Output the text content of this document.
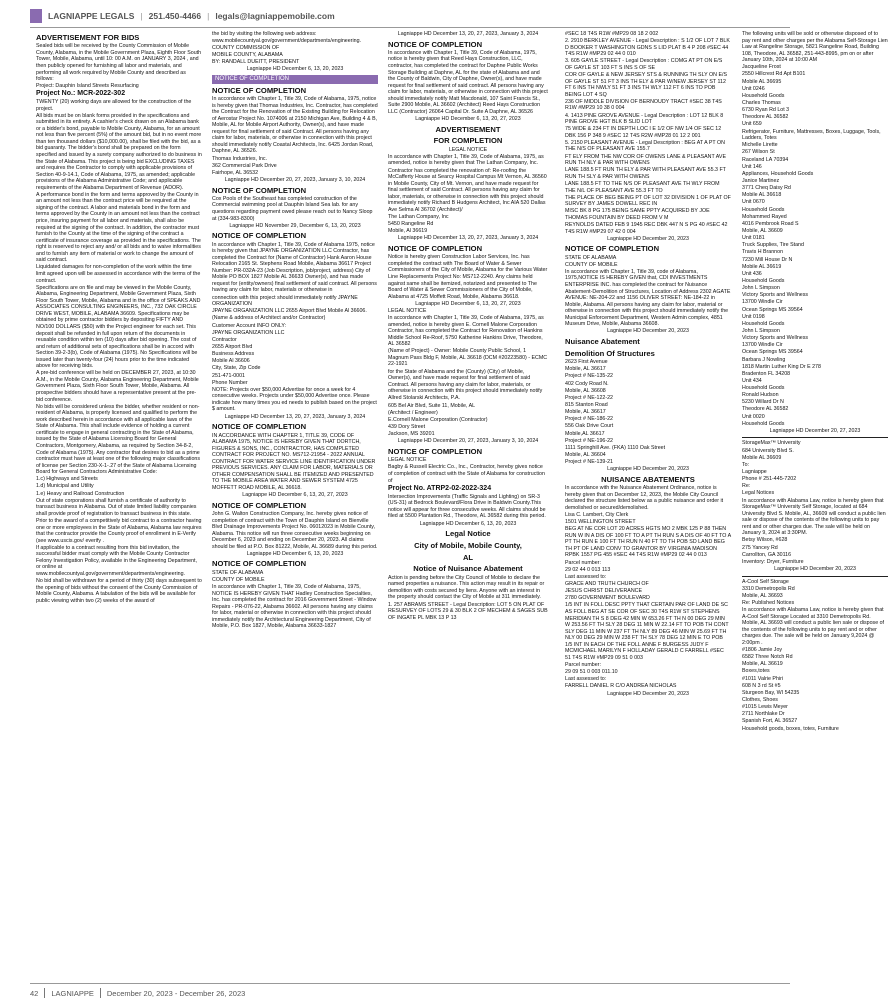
LAGNIAPPE LEGALS | 251.450-4466 | legals@lagniappemobile.com

ADVERTISEMENT FOR BIDS

Sealed bids will be received by the County Commission of Mobile County, Alabama, in the Mobile Government Plaza, Eighth Floor South Tower, Mobile, Alabama, until 10: 00 A.M. on JANUARY 3, 2024 , and then publicly opened for furnishing all labor and materials, and performing all work required by Mobile County and described as follows:

Project: Dauphin Island Streets Resurfacing

Project No.: MCR-2022-302

TWENTY (20) working days are allowed for the construction of the project.

All bids must be on blank forms provided in the specifications and submitted in its entirety. A cashier's check drawn on an Alabama bank or a bidder's bond, payable to Mobile County, Alabama, for an amount not less than five percent (5%) of the amount bid, but in no event more than ten thousand dollars ($10,000.00), shall be filed with the bid, as a bid guaranty. The bidder's bond shall be prepared on the form specified and issued by a surety company authorized to do business in the State of Alabama. This project is being bid EXCLUDING TAXES and requires the Contractor to comply with applicable provisions of Section 40-9-14.1, Code of Alabama, 1975, as amended; applicable provisions of the Alabama Administrative Code; and applicable requirements of the Alabama Department of Revenue (ADOR).

A performance bond in the form and terms approved by the County in an amount not less than the contract price will be required at the signing of the contract. A labor and materials bond in the form and terms approved by the County in an amount not less than the contract price, insuring payment for all labor and materials, shall also be required at the signing of the contract. In addition, the contractor must furnish to the County at the time of the signing of the contract a certificate of insurance coverage as provided in the specifications. The right is reserved to reject any and/ or all bids and to waive informalities and to furnish any item of material or work to change the amount of said contract.

Liquidated damages for non-completion of the work within the time limit agreed upon will be assessed in accordance with the terms of the contract.

Specifications are on file and may be viewed in the Mobile County, Alabama, Engineering Department, Mobile Government Plaza, Sixth Floor South Tower, Mobile, Alabama and in the office of SPEAKS AND ASSOCIATES CONSULTING ENGINEERS, INC., 732 OAK CIRCLE DRIVE WEST, MOBILE, ALABAMA 36609. Specifications may be obtained by prime contractor bidders by depositing FIFTY AND NO/100 DOLLARS ($50) with the Project engineer for each set. This deposit shall be refunded in full upon return of the documents in reusable condition within ten (10) days after bid opening. The cost of and return of additional sets of specifications shall be in accord with Section 39-2-3(b), Code of Alabama (1975). No Specifications will be issued later than twenty-four (24) hours prior to the time indicated above for receiving bids.

A pre-bid conference will be held on DECEMBER 27, 2023, at 10:30 A.M., in the Mobile County, Alabama Engineering Department, Mobile Government Plaza, Sixth Floor South Tower, Mobile, Alabama. All prospective bidders should have a representative present at the pre-bid conference.

No bids will be considered unless the bidder, whether resident or non-resident of Alabama, is properly licensed and qualified to perform the work described herein in accordance with all applicable laws of the State of Alabama. This shall include evidence of holding a current certificate to engage in general contracting in the State of Alabama, issued by the State of Alabama Licensing Board for General Contractors, Montgomery, Alabama, as required by Section 34-8-2, Code of Alabama (1975). Any contractor that desires to bid as a prime contractor must have at least one of the following major classifications of license per Section 230-X-1-.27 of the State of Alabama Licensing Board for General Contractors Administrative Code:

1.c) Highways and Streets

1.d) Municipal and Utility

1.e) Heavy and Railroad Construction

Out of state corporations shall furnish a certificate of authority to transact business in Alabama. Out of state limited liability companies shall provide proof of registration to transact business in this state.

Prior to the award of a competitively bid contract to a contractor having one or more employees in the State of Alabama, Alabama law requires that the contractor provide the County proof of enrollment in E-Verify (see www.uscis.gov/ everify .

If applicable to a contract resulting from this bid invitation, the successful bidder must comply with the Mobile County Contractor Felony Investigation Policy, available in the Engineering Department, or online at www.mobilecountyal.gov/government/departments/engineering.

No bid shall be withdrawn for a period of thirty (30) days subsequent to the opening of bids without the consent of the County Commission of Mobile County, Alabama. A tabulation of the bids will be available for public viewing within two (2) weeks of the award of

the bid by visiting the following web address: www.mobilecountyal.gov/government/departments/engineering.

COUNTY COMMISSION OF

MOBILE COUNTY, ALABAMA

BY: RANDALL DUEITT, PRESIDENT

Lagniappe HD December 6, 13, 20, 2023

NOTICE OF COMPLETION

NOTICE OF COMPLETION

In accordance with Chapter 1, Title 39, Code of Alabama, 1975, notice is hereby given that Thomas Industries, Inc. Contractor, has completed the Contract for the Renovation of the Existing Building for Relocation of Aerostar Project No. 1074006 at 2150 Michigan Ave, Building 4 & B, Mobile, AL for Mobile Airport Authority, Owner(s), and have made request for final settlement of said Contract. All persons having any claim for labor, materials, or otherwise in connection with this project should immediately notify Coastal Architects, Inc. 6425 Jordan Road, Daphne, AL 36526.

Thomas Industries, Inc.

362 Commercial Park Drive

Fairhope, AL 36532

Lagniappe HD December 20, 27, 2023, January 3, 10, 2024

NOTICE OF COMPLETION

Cox Pools of the Southeast has completed construction of the Commercial swimming pool at Dauphin Island Sea lab. for any questions regarding payment owed please reach out to Nancy Sloop at (334-983-8300)

Lagniappe HD November 29, December 6, 13, 20, 2023

NOTICE OF COMPLETION

In accordance with Chapter 1, Title 39, Code of Alabama 1975, notice is hereby given that JPAYNE ORGANIZATION LLC Contractor, has completed the Contract for (Name of Contractor) Hank Aaron House Relocation 2165 St. Stephens Road Mobile, Alabama 36617 Project Number: PR-032A-23 (Job Description, job/project, address) City of Mobile PO BOX 1827 Mobile AL 36633 Owner(s), and has made request for (entity/owners) final settlement of said contract. All persons having any claim for labor, materials or otherwise in

connection with this project should immediately notify JPAYNE ORGANIZATION

JPAYNE ORGANIZATION LLC 2655 Airport Blvd Mobile Al 36606.

(Name & address of Architect and/or Contractor)

Customer Account INFO ONLY:

JPAYNE ORGANIZATION LLC

Contractor

2655 Airport Blvd

Business Address

Mobile Al 36606

City, State, Zip Code

251-471-0001

Phone Number

NOTE: Projects over $50,000 Advertise for once a week for 4 consecutive weeks. Projects under $50,000 Advertise once. Please indicate how many times you ed needs to publish based on the project $ amount.

Lagniappe HD December 13, 20, 27, 2023, January 3, 2024

NOTICE OF COMPLETION

IN ACCORDANCE WITH CHAPTER 1, TITLE 39, CODE OF ALABAMA 1975, NOTICE IS HEREBY GIVEN THAT DORTCH, FIGURES & SONS, INC., CONTRACTOR, HAS COMPLETED CONTRACT FOR PROJECT NO. MS712-21954 - 2022 ANNUAL CONTRACT FOR WATER SERVICE LINE IDENTIFICATION UNDER PREVIOUS SERVICES. ANY CLAIM FOR LABOR, MATERIALS OR OTHER COMPENSATION SHALL BE ITEMIZED AND PRESENTED TO THE MOBILE AREA WATER AND SEWER SYSTEM 4725 MOFFETT ROAD MOBILE, AL 36618.

Lagniappe HD December 6, 13, 20, 27, 2023

NOTICE OF COMPLETION

John G. Walton Construction Company, Inc. hereby gives notice of completion of contract with the Town of Dauphin Island on Bienville Blvd Drainage Improvements Project No. 06012023 in Mobile County, Alabama. This notice will run three consecutive weeks beginning on December 6, 2023 and ending on December 20, 2023. All claims should be filed at P.O. Box 81222, Mobile, AL 36689 during this period.

Lagniappe HD December 6, 13, 20, 2023

NOTICE OF COMPLETION

STATE OF ALABAMA

COUNTY OF MOBILE

In accordance with Chapter 1, Title 39, Code of Alabama, 1975, NOTICE IS HEREBY GIVEN THAT Hadley Construction Specialties, Inc. has completed the contract for 2016 Government Street - Window Repairs - PR-076-22, Alabama 36602. All persons having any claims for labor, material or otherwise in connection with this project should immediately notify the Architectural Engineering Department, City of Mobile, P.O. Box 1827, Mobile, Alabama 36633-1827

Lagniappe HD December 13, 20, 27, 2023, January 3, 2024

NOTICE OF COMPLETION

In accordance with Chapter 1, Title 39, Code of Alabama, 1975, notice is hereby given that Reed Hays Construction, LLC, contractor, has completed the contract for Daphne Public Works Storage Building at Daphne, AL for the state of Alabama and and the County of Baldwin, City of Daphne, Owner(s), and have made request for final settlement of said contract. All persons having any claim for labor, materials, or otherwise in connection with this project should immediately notify Matt Macdonald, 107 Saint Francis St., Suite 2900 Mobile, AL 36602 (Architect) Reed Hays Construction LLC (Contractor) 26064 Capital Dr. Suite A Daphne, AL 36526

Lagniappe HD December 6, 13, 20, 27, 2023

ADVERTISEMENT

FOR COMPLETION

LEGAL NOTICE

In accordance with Chapter 1, Title 39, Code of Alabama, 1975, as amended, notice is hereby given that The Lathan Company, Inc.

Contractor has completed the renovation of: Re-roofing the McCafferty House at Searcy Hospital Campus Mt Vernon, AL 36560 in Mobile County, City of Mt. Vernon, and have made request for final settlement of said Contract. All persons having any claim for labor, materials, or otherwise in connection with this project should immediately notify Richard B Hudgens Architect, Inc AIA 520 Dallas Ave Selma Al 36702 (Architect)/

The Lathan Company, Inc

5450 Rangeline Rd

Mobile, Al 36619

Lagniappe HD December 13, 20, 27, 2023, January 3, 2024

NOTICE OF COMPLETION

Notice is hereby given Construction Labor Services, Inc. has completed the contract with The Board of Water & Sewer Commissioners of the City of Mobile, Alabama for the Various Water Line Replacements Project No: MS712-2240. Any claims held against same shall be itemized, notarized and presented to The Board of Water & Sewer Commissioners of the City of Mobile, Alabama at 4725 Moffett Road, Mobile, Alabama 36618.

Lagniappe HD December 6, 13, 20, 27, 2023

LEGAL NOTICE

In accordance with Chapter 1, Title 39, Code of Alabama, 1975, as amended, notice is hereby given E. Cornell Malone Corporation Contractor, has completed the Contract for Renovation of Hankins Middle School Re-Roof, 5750 Katherine Hankins Drive, Theodore, AL 36582

(Name of Project) - Owner: Mobile County Public School, 1 Magnum Pass Bldg F, Mobile, AL 36618 (DCM #20223580) - ECMC 22-1921

for the State of Alabama and the (County) (City) of Mobile, Owner(s), and have made request for final settlement of said Contract. All persons having any claim for labor, materials, or otherwise in connection with this project should immediately notify

Allred Stolarski Architects, P.A.

605 Bel Air Blvd, Suite 11, Mobile, AL

(Architect / Engineer)

E.Cornell Malone Corporation (Contractor)

439 Dory Street

Jackson, MS 39201

Lagniappe HD December 20, 27, 2023, January 3, 10, 2024

NOTICE OF COMPLETION

LEGAL NOTICE

Bagby & Russell Electric Co., Inc., Contractor, hereby gives notice

of completion of contract with the State of Alabama for construction of

Project No. ATRP2-02-2022-324

Intersection Improvements (Traffic Signals and Lighting) on SR-3 (US-31) at Bedrock Boulevard/Flora Drive in Baldwin County.This notice will appear for three consecutive weeks. All claims should be filed at 5500 Plantation Rd., Theodore, AL 36582 during this period.

Lagniappe HD December 6, 13, 20, 2023

Legal Notice

City of Mobile, Mobile County,

AL

Notice of Nuisance Abatement

Action is pending before the City Council of Mobile to declare the named properties a nuisance. This action may result in its repair or demolition with costs secured by liens. Anyone with an interest in the property should contact the City of Mobile at 311 immediately.

1. 257 ABRAMS STREET - Legal Description: LOT 5 ON PLAT OF RESURVEY OF LOTS 29 & 30 BLK 2 OF MECHEM & SAGES SUB OF INGATE PL MBK 13 P 13

#SEC 18 T4S R1W #MP29 08 18 2 002

2. 2910 BERKLEY AVENUE - Legal Description : S 1/2 OF LOT 7 BLK D BOOKER T WASHINGTON GDNS S LID PLAT B 4 P 208 #SEC 44 T4S R1W #MP29 02 44 0 010

3. 605 GAYLE STREET - Legal Description : COMG AT PT ON E/S OF GAYLE ST 103 FT S INS S OF SE

COR OF GAYLE & NEW JERSEY STS & RUNNING TH SLY ON E/S OF GAYLE ST 51 FT 3 INS TH ELY & PAR W/NEW JERSEY ST 112 FT 6 INS TH NWLY 51 FT 3 INS TH WLY 112 FT 6 INS TO POB BEING LOT 4 SQ

236 OF MIDDLE DIVISION OF BERNOUDY TRACT #SEC 38 T4S R1W #MP29 10 38 0 004

4. 1413 PINE GROVE AVENUE - Legal Description : LOT 12 BLK 8 PINE GROVE HGT BLK B SLID LOT

75 WIDE & 234 FT IN DEPTH LOC I E 1/2 OF NW 1/4 OF SEC 12 DBK 156 P 348 9 #SEC 12 T4S R2W #MP28 01 12 2 001

5. 2150 PLEASANT AVENUE - Legal Description : BEG AT A PT ON THE N/S OF PLEASANT AVE 155.7

FT ELY FROM THE NW COR OF OWENS LANE & PLEASANT AVE RUN TH NLY & PAR WITH OWENS

LANE 188.5 FT RUN TH ELY & PAR WITH PLEASANT AVE 55.3 FT RUN TH SLY & PAR WITH OWENS

LANE 188.5 FT TO THE N/S OF PLEASANT AVE TH WLY FROM THE N/L OF PLEASANT AVE 55.3 FT TO

THE PLACE OF BEG BEING PT OF LOT 32 DIVISION 1 OF PLAT OF SURVEY BY JAMES DOWELL REC IN

MISC BK 8 PG 175 BEING SAME PPTY ACQUIRED BY JOE THOMAS FOUNTAIN BY DEED FROM V M

REYNOLDS DATED FEB 9 1945 REC DBK 447 N S PG 40 #SEC 42 T4S R1W #MP29 07 42 0 004

Lagniappe HD December 20, 2023

NOTICE OF COMPLETION

STATE OF ALABAMA

COUNTY OF MOBILE

In accordance with Chapter 1, Title 39, code of Alabama, 1975,NOTICE IS HEREBY GIVEN that, CDI INVESTMENTS ENTERPRISE INC. has completed the contract for Nuisance Abatement-Demolition of Structures, Location of Address 2302 AGATE AVENUE: NE-204-22 and 1156 OLIVER STREET: NE-184-22 in Mobile, Alabama. All persons having any claim for labor, material or otherwise in connection with this project should immediately notify the Municipal Enforcement Department, Western Admin complex, 4851 Museum Drive, Mobile, Alabama 36608.

Lagniappe HD December 20, 2023

Nuisance Abatement

Demolition Of Structures

2623 First Avenue

Mobile, AL 36617

Project # NE-135-22

402 Cody Road N.

Mobile, AL 36608

Project # NE-122-22

815 Stanton Road

Mobile, AL 36617

Project # NE-186-22

556 Oak Drive Court

Mobile,AL 36617

Project # NE-196-22

1111 Springhill Ave. (FKA) 1110 Oak Street

Mobile, AL 36604

Project # NE-139-21

Lagniappe HD December 20, 2023

NUISANCE ABATEMENTS

In accordance with the Nuisance Abatement Ordinance, notice is hereby given that on December 12, 2023, the Mobile City Council declared the structure listed below as a public nuisance and order it demolished or secured/demolished.

Lisa C. Lambert, City Clerk

1501 WELLINGTON STREET

BEG AT NE COR LOT 20 ACRES HGTS MO 2 MBK 125 P 88 THEN RUN W IN A DIS OF 100 FT TO A PT TH RUN S A DIS OF 40 FT TO A PT TH RUN E 100 FT TH RUN N 40 FT TO TH POB SD LAND BEG TH PT OF LAND CONV TO GRANTOR BY VIRGINIA MADISON RPBK 1557 PG 455 #SEC 44 T4S R1W #MP29 02 44 0 013

Parcel number:

29 02 44 0 013 113

Last assessed to:

GRACE AND TRUTH CHURCH OF

JESUS CHRIST DELIVERANCE

2780 GOVERNMENT BOULEVARD

1/5 INT IN FOLL DESC PPTY THAT CERTAIN PAR OF LAND DE SC AS FOLL BEG AT SE COR OF SEC 30 T4S R1W ST STEPHENS MERIDIAN TH S 8 DEG 42 MIN W 653.26 FT TH N 00 DEG 29 MIN W 253.56 FT TH SLY 28 DEG 11 MIN W 22.14 FT TO POB TH CONT SLY DEG 11 MIN W 237 FT TH NLY 89 DEG 46 MIN W 25.69 FT TH NLY 00 DEG 29 MIN W 238 FT TH SLY 78 DEG 12 MIN E TO POB 1/5 INT IN EACH OF THE FOLL ANNE F BURGESS JUDY F MCMICHAEL MARILYN F HOLLADAY GERALD C FARRELL #SEC 51 T4S R1W #MP29 09 51 0 003

Parcel number:

29 09 51 0 003 011.10

Last assessed to:

FARRELL DANIEL R C/O ANDREA NICHOLAS

Lagniappe HD December 20, 2023

The following units will be sold or otherwise disposed of to pay rent and other charges per the Alabama Self-Storage Lien Law at Rangeline Storage, 5821 Rangeline Road, Building 108, Theodore, AL 36582, 251-443-8995, pm on or after January 10th, 2024 at 10:00 AM

Jacqueline Frost

2550 Hillcrest Rd Apt B101

Mobile AL 36695

Unit 0246

Household Goods

Charles Thomas

6730 Ryan Rd Lot 3

Theodore AL 36582

Unit 659

Refrigerator, Furniture, Mattresses, Boxes, Luggage, Tools, Ladders, Totes

Michelle Lirette

267 Wilson St

Raceland LA 70394

Unit 146

Appliances, Household Goods

Janice Martinez

3771 Cheq Daisy Rd

Mobile AL 36618

Unit 0670

Household Goods

Mohammed Rayed

4016 Pembrook Road S

Mobile, AL 36609

Unit 0181

Truck Supplies, Tire Stand

Travis H Brannon

7230 Mill House Dr N

Mobile AL 36619

Unit 436

Household Goods

John L Simpson

Victory Sports and Wellness

13700 Windle Cir

Ocean Springs MS 39564

Unit 0198

Household Goods

John L Simpson

Victory Sports and Wellness

13700 Windle Cir

Ocean Springs MS 39564

Barbara J Nowling

1818 Martin Luther King Dr E 278

Bradenton FL 34208

Unit 434

Household Goods

Ronald Hudson

5230 Willard Dr N

Theodore AL 36582

Unit 0020

Household Goods

Lagniappe HD December 20, 27, 2023

StorageMax™ University

684 University Blvd S.

Mobile AL 36609

To:

Lagniappe

Phone # 251-445-7202

Re:

Legal Notices

In accordance with Alabama Law, notice is hereby given that StorageMax™ University Self Storage, located at 684 University Blvd S. Mobile, AL, 36609 will conduct a public lien sale or dispose of the contents of the following units to pay rent and or other charges due. The sale will be held on January 9, 2024 at 3:30PM.

Betsy Wilson, #628

275 Yancey Rd

Carrollton, GA 30116

Inventory: Dryer, Furniture

Lagniappe HD December 20, 2023

A-Cool Self Storage

3310 Demetropolis Rd

Mobile, AL 36693

Re: Published Notices

In accordance with Alabama Law, notice is hereby given that A-Cool Self Storage Located at 3310 Demetropolis Rd. Mobile, AL 36693 will conduct a public lien sale or dispose of the contents of the following units to pay rent and or other charges due. The sale will be held on January 9,2024 @ 2:00pm .

#1806 Jamie Joy

6582 Three Notch Rd

Mobile, AL 36619

Boxes,totes

#1011 Valrie Phiri

608 N 3 rd St #5

Sturgeon Bay, WI 54235

Clothes, Shoes

#1015 Lewis Meyer

2711 Northlake Dr

Spanish Fort, AL 36527

Household goods, boxes, totes, Furniture

42 LAGNIAPPE December 20, 2023 - December 26, 2023
